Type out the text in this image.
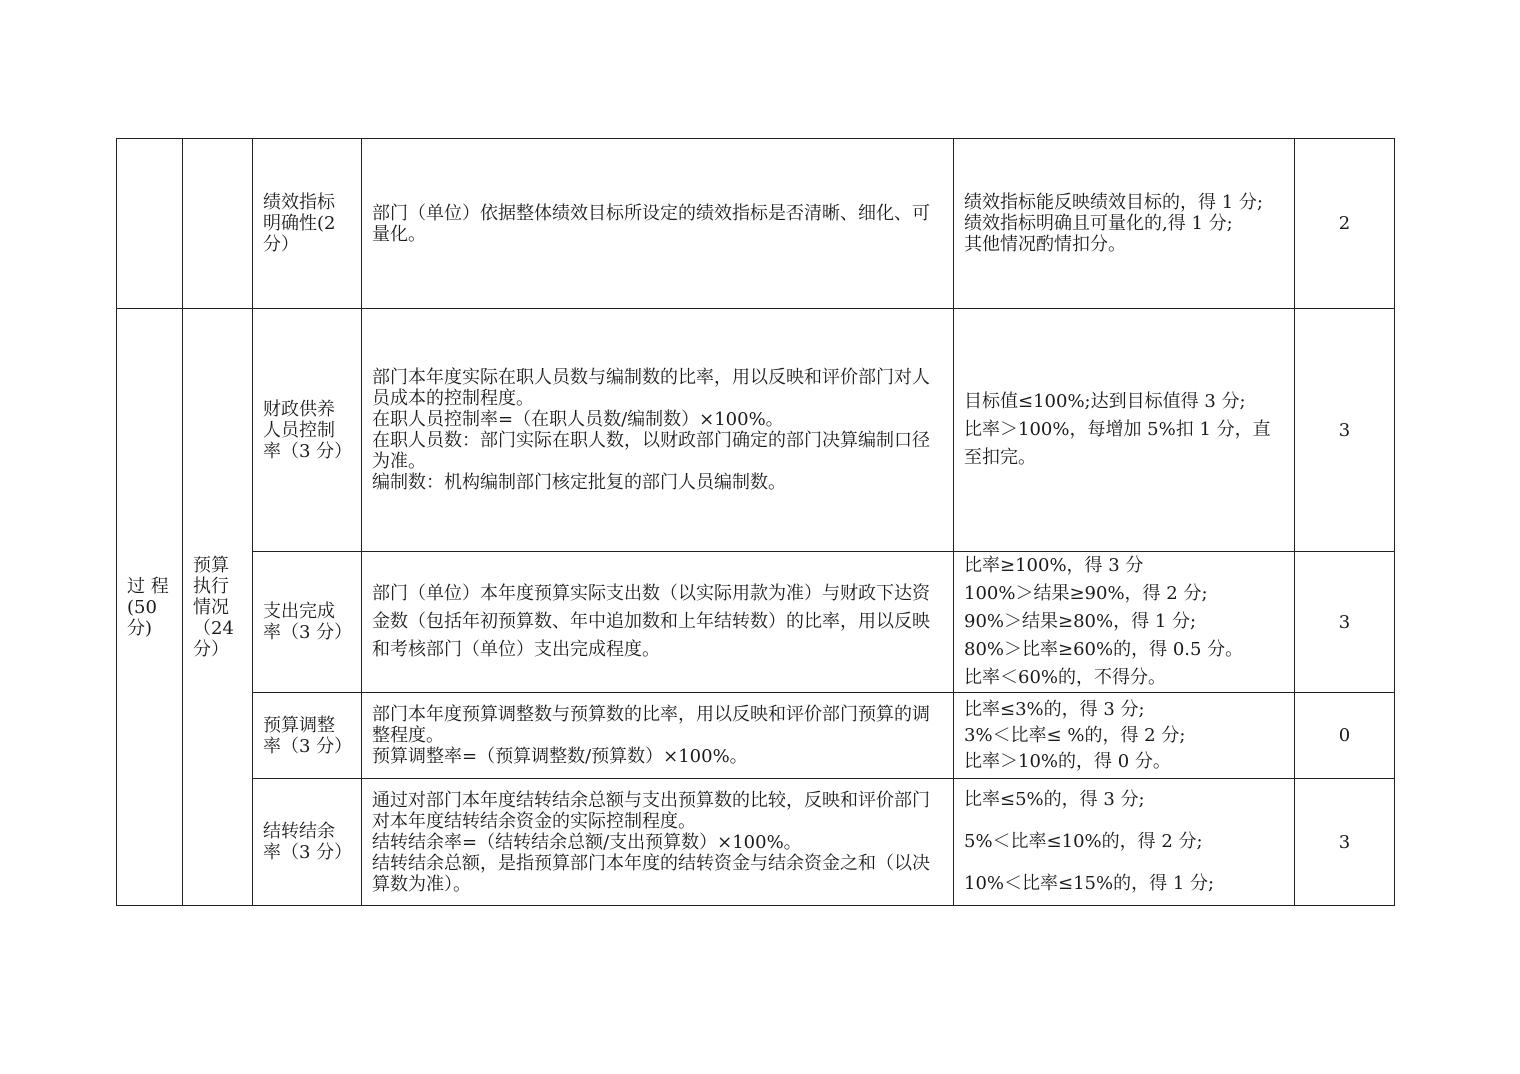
		绩效指标
明确性(2
分）	部门（单位）依据整体绩效目标所设定的绩效指标是否清晰、细化、可量化。	绩效指标能反映绩效目标的，得 1 分;
绩效指标明确且可量化的,得 1 分;
其他情况酌情扣分。	2

过 程
(50
分)	预算
执行
情况
（24
分）	财政供养
人员控制
率（3 分）	部门本年度实际在职人员数与编制数的比率，用以反映和评价部门对人员成本的控制程度。
在职人员控制率=（在职人员数/编制数）×100%。
在职人员数：部门实际在职人数，以财政部门确定的部门决算编制口径为准。
编制数：机构编制部门核定批复的部门人员编制数。	目标值≤100%;达到目标值得 3 分;
比率＞100%，每增加 5%扣 1 分，直至扣完。	3

		支出完成
率（3 分）	部门（单位）本年度预算实际支出数（以实际用款为准）与财政下达资金数（包括年初预算数、年中追加数和上年结转数）的比率，用以反映和考核部门（单位）支出完成程度。	比率≥100%，得 3 分
100%＞结果≥90%，得 2 分;
90%＞结果≥80%，得 1 分;
80%＞比率≥60%的，得 0.5 分。
比率＜60%的，不得分。	3

		预算调整
率（3 分）	部门本年度预算调整数与预算数的比率，用以反映和评价部门预算的调整程度。
预算调整率=（预算调整数/预算数）×100%。	比率≤3%的，得 3 分;
3%＜比率≤ %的，得 2 分;
比率＞10%的，得 0 分。	0

		结转结余
率（3 分）	通过对部门本年度结转结余总额与支出预算数的比较，反映和评价部门对本年度结转结余资金的实际控制程度。
结转结余率=（结转结余总额/支出预算数）×100%。
结转结余总额，是指预算部门本年度的结转资金与结余资金之和（以决算数为准）。	比率≤5%的，得 3 分;
5%＜比率≤10%的，得 2 分;
10%＜比率≤15%的，得 1 分;	3
